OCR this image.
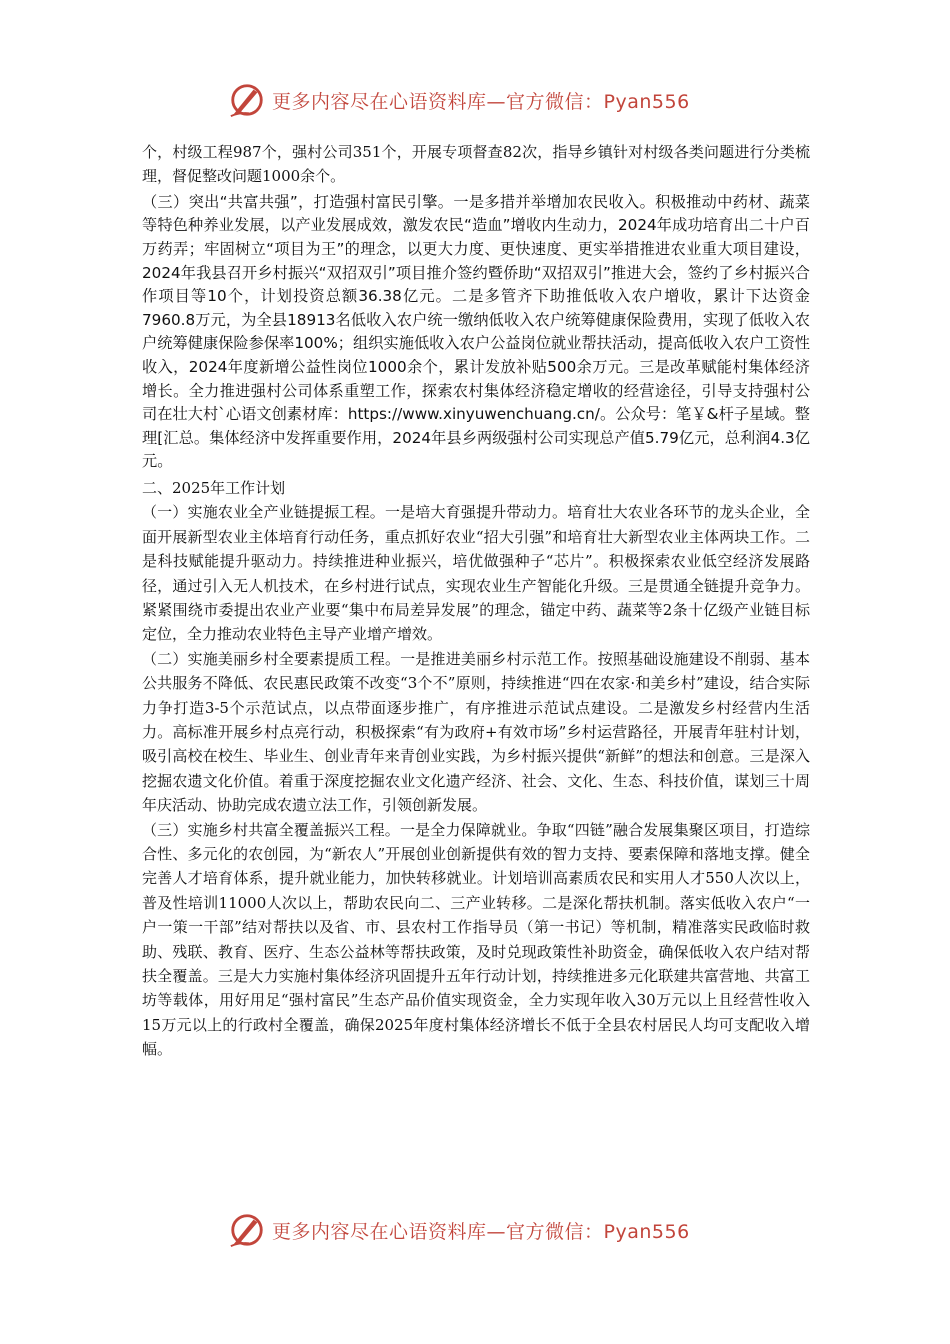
更多内容尽在心语资料库—官方微信：Pyan556

个，村级工程987个，强村公司351个，开展专项督查82次，指导乡镇针对村级各类问题进行分类梳理，督促整改问题1000余个。

（三）突出“共富共强”，打造强村富民引擎。一是多措并举增加农民收入。积极推动中药材、蔬菜等特色种养业发展，以产业发展成效，激发农民“造血”增收内生动力，2024年成功培育出二十户百万药弄；牢固树立“项目为王”的理念，以更大力度、更快速度、更实举措推进农业重大项目建设，2024年我县召开乡村振兴“双招双引”项目推介签约暨侨助“双招双引”推进大会，签约了乡村振兴合作项目等10个，计划投资总额36.38亿元。二是多管齐下助推低收入农户增收，累计下达资金7960.8万元，为全县18913名低收入农户统一缴纳低收入农户统筹健康保险费用，实现了低收入农户统筹健康保险参保率100%；组织实施低收入农户公益岗位就业帮扶活动，提高低收入农户工资性收入，2024年度新增公益性岗位1000余个，累计发放补贴500余万元。三是改革赋能村集体经济增长。全力推进强村公司体系重塑工作，探索农村集体经济稳定增收的经营途径，引导支持强村公司在壮大村`心语文创素材库：https://www.xinyuwenchuang.cn/。公众号：笔￥&杆子星域。整理[汇总。集体经济中发挥重要作用，2024年县乡两级强村公司实现总产值5.79亿元，总利润4.3亿元。

二、2025年工作计划

（一）实施农业全产业链提振工程。一是培大育强提升带动力。培育壮大农业各环节的龙头企业，全面开展新型农业主体培育行动任务，重点抓好农业“招大引强”和培育壮大新型农业主体两块工作。二是科技赋能提升驱动力。持续推进种业振兴，培优做强种子“芯片”。积极探索农业低空经济发展路径，通过引入无人机技术，在乡村进行试点，实现农业生产智能化升级。三是贯通全链提升竞争力。紧紧围绕市委提出农业产业要“集中布局差异发展”的理念，锚定中药、蔬菜等2条十亿级产业链目标定位，全力推动农业特色主导产业增产增效。

（二）实施美丽乡村全要素提质工程。一是推进美丽乡村示范工作。按照基础设施建设不削弱、基本公共服务不降低、农民惠民政策不改变“3个不”原则，持续推进“四在农家·和美乡村”建设，结合实际力争打造3-5个示范试点，以点带面逐步推广，有序推进示范试点建设。二是激发乡村经营内生活力。高标准开展乡村点亮行动，积极探索“有为政府+有效市场”乡村运营路径，开展青年驻村计划，吸引高校在校生、毕业生、创业青年来青创业实践，为乡村振兴提供“新鲜”的想法和创意。三是深入挖掘农遗文化价值。着重于深度挖掘农业文化遗产经济、社会、文化、生态、科技价值，谋划三十周年庆活动、协助完成农遗立法工作，引领创新发展。

（三）实施乡村共富全覆盖振兴工程。一是全力保障就业。争取“四链”融合发展集聚区项目，打造综合性、多元化的农创园，为“新农人”开展创业创新提供有效的智力支持、要素保障和落地支撑。健全完善人才培育体系，提升就业能力，加快转移就业。计划培训高素质农民和实用人才550人次以上，普及性培训11000人次以上，帮助农民向二、三产业转移。二是深化帮扶机制。落实低收入农户“一户一策一干部”结对帮扶以及省、市、县农村工作指导员（第一书记）等机制，精准落实民政临时救助、残联、教育、医疗、生态公益林等帮扶政策，及时兑现政策性补助资金，确保低收入农户结对帮扶全覆盖。三是大力实施村集体经济巩固提升五年行动计划，持续推进多元化联建共富营地、共富工坊等载体，用好用足“强村富民”生态产品价值实现资金，全力实现年收入30万元以上且经营性收入15万元以上的行政村全覆盖，确保2025年度村集体经济增长不低于全县农村居民人均可支配收入增幅。

更多内容尽在心语资料库—官方微信：Pyan556
